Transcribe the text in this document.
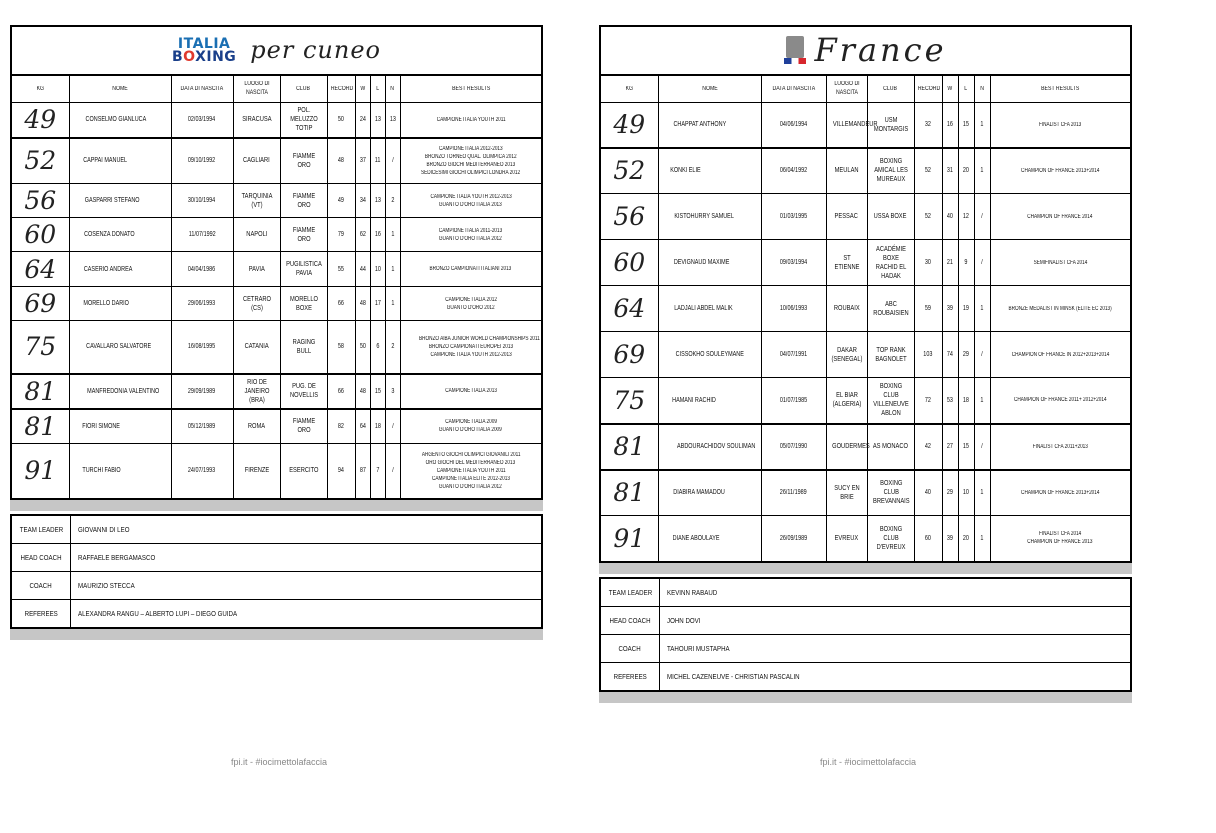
ITALIA
BOXING per cuneo									

KG	NOME	DATA DI NASCITA	LUOGO DI NASCITA	CLUB	RECORD	W	L	N	BEST RESULTS
49	CONSELMO GIANLUCA	02/03/1994	SIRACUSA	POL. MELUZZO TOTIP	50	24	13	13	CAMPIONE ITALIA YOUTH 2011

52	CAPPAI MANUEL	09/10/1992	CAGLIARI	FIAMME ORO	48	37	11	/	CAMPIONE ITALIA 2012-2013
BRONZO TORNEO QUAL. OLIMPICA 2012
BRONZO GIOCHI MEDITERRANEO 2013
SEDICESIMI GIOCHI OLIMPICI LONDRA 2012

56	GASPARRI STEFANO	30/10/1994	TARQUINIA (VT)	FIAMME ORO	49	34	13	2	CAMPIONE ITALIA YOUTH 2012-2013
GUANTO D'ORO ITALIA 2013

60	COSENZA DONATO	11/07/1992	NAPOLI	FIAMME ORO	79	62	16	1	CAMPIONE ITALIA 2011-2013
GUANTO D'ORO ITALIA 2012

64	CASERIO ANDREA	04/04/1986	PAVIA	PUGILISTICA PAVIA	55	44	10	1	BRONZO CAMPIONATI ITALIANI 2013

69	MORELLO DARIO	29/06/1993	CETRARO (CS)	MORELLO BOXE	66	48	17	1	CAMPIONE ITALIA 2012
GUANTO D'ORO 2012

75	CAVALLARO SALVATORE	16/08/1995	CATANIA	RAGING BULL	58	50	6	2	BRONZO AIBA JUNIOR WORLD CHAMPIONSHIPS 2011
BRONZO CAMPIONATI EUROPEI 2013
CAMPIONE ITALIA YOUTH 2012-2013

81	MANFREDONIA VALENTINO	29/09/1989	RIO DE JANEIRO (BRA)	PUG. DE NOVELLIS	66	48	15	3	CAMPIONE ITALIA 2013

81	FIORI SIMONE	05/12/1989	ROMA	FIAMME ORO	82	64	18	/	CAMPIONE ITALIA 2009
GUANTO D'ORO ITALIA 2009

91	TURCHI FABIO	24/07/1993	FIRENZE	ESERCITO	94	87	7	/	ARGENTO GIOCHI OLIMPICI GIOVANILI 2011
ORO GIOCHI DEL MEDITERRANEO 2013
CAMPIONE ITALIA YOUTH 2011
CAMPIONE ITALIA ELITE 2012-2013
GUANTO D'ORO ITALIA 2012
TEAM LEADER	GIOVANNI DI LEO
HEAD COACH	RAFFAELE BERGAMASCO
COACH	MAURIZIO STECCA
REFEREES	ALEXANDRA RANGU – ALBERTO LUPI – DIEGO GUIDA
France									

KG	NOME	DATA DI NASCITA	LUOGO DI NASCITA	CLUB	RECORD	W	L	N	BEST RESULTS
49	CHAPPAT ANTHONY	04/06/1994	VILLEMANDEUR	USM MONTARGIS	32	16	15	1	FINALIST CFA 2013

52	KONKI ELIE	06/04/1992	MEULAN	BOXING AMICAL LES MUREAUX	52	31	20	1	CHAMPION OF FRANCE 2013+2014

56	KISTOHURRY SAMUEL	01/03/1995	PESSAC	USSA BOXE	52	40	12	/	CHAMPION OF FRANCE 2014

60	DEVIGNAUD MAXIME	09/03/1994	ST ETIENNE	ACADÉMIE BOXE RACHID EL HADAK	30	21	9	/	SEMIFINALIST CFA 2014

64	LADJALI ABDEL MALIK	10/06/1993	ROUBAIX	ABC ROUBAISIEN	59	39	19	1	BRONZE MEDALIST IN MINSK (ELITE EC 2013)

69	CISSOKHO SOULEYMANE	04/07/1991	DAKAR (SENEGAL)	TOP RANK BAGNOLET	103	74	29	/	CHAMPION OF FRANCE IN 2012+2013+2014

75	HAMANI RACHID	01/07/1985	EL BIAR (ALGERIA)	BOXING CLUB VILLENEUVE ABLON	72	53	18	1	CHAMPION OF FRANCE 2011+ 2012+2014

81	ABDOURACHIDOV SOULIMAN	05/07/1990	GOUDERMES	AS MONACO	42	27	15	/	FINALIST CFA 2011+2013

81	DIABIRA MAMADOU	26/11/1989	SUCY EN BRIE	BOXING CLUB BREVANNAIS	40	29	10	1	CHAMPION OF FRANCE 2013+2014

91	DIANE ABOULAYE	26/09/1989	EVREUX	BOXING CLUB D'EVREUX	60	39	20	1	FINALIST CFA 2014
CHAMPION OF FRANCE 2013
TEAM LEADER	KEVINN RABAUD
HEAD COACH	JOHN DOVI
COACH	TAHOURI MUSTAPHA
REFEREES	MICHEL CAZENEUVE - CHRISTIAN PASCALIN
fpi.it - #iocimettolafaccia	fpi.it - #iocimettolafaccia
